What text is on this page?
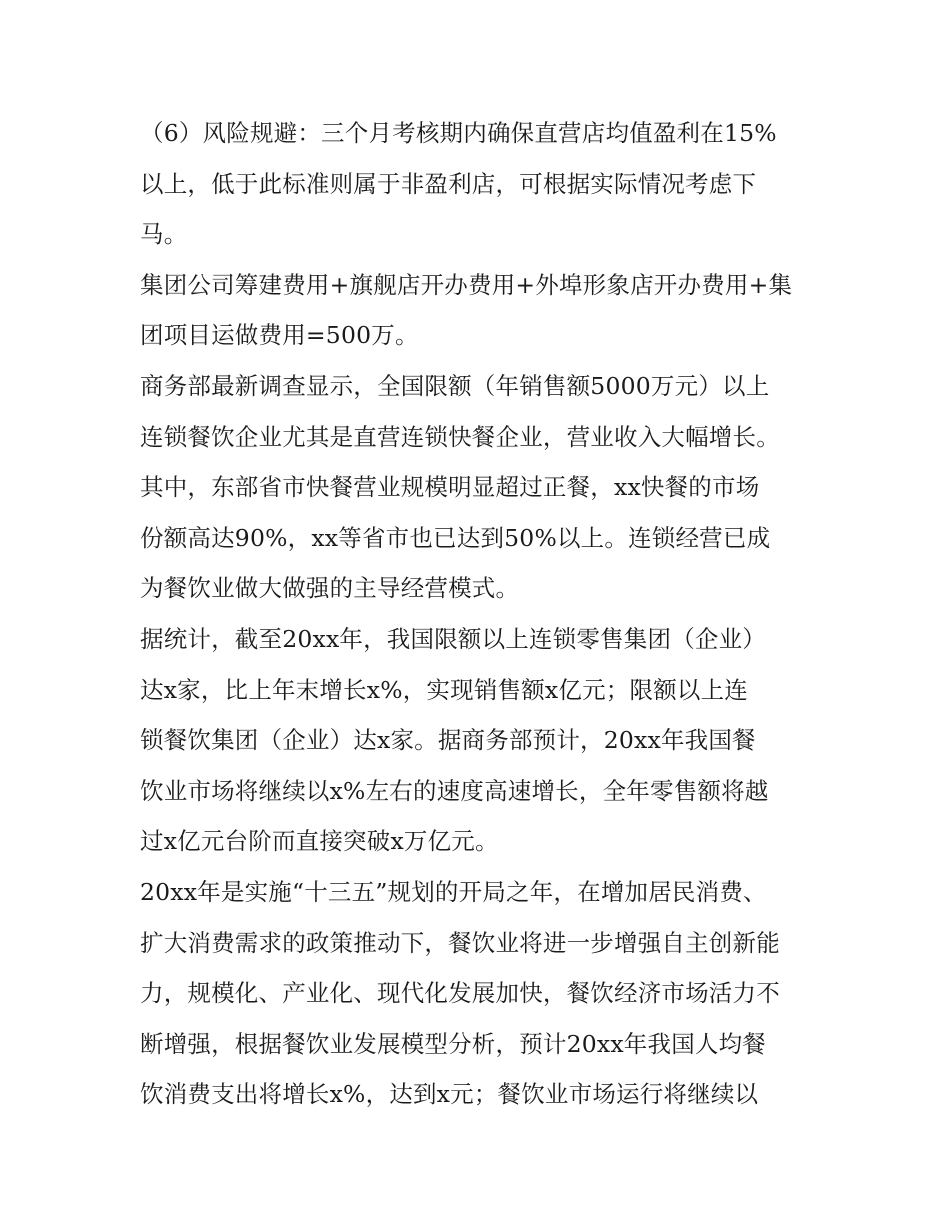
（6）风险规避：三个月考核期内确保直营店均值盈利在15%
以上，低于此标准则属于非盈利店，可根据实际情况考虑下
马。
集团公司筹建费用+旗舰店开办费用+外埠形象店开办费用+集
团项目运做费用=500万。
商务部最新调查显示，全国限额（年销售额5000万元）以上
连锁餐饮企业尤其是直营连锁快餐企业，营业收入大幅增长。
其中，东部省市快餐营业规模明显超过正餐，xx快餐的市场
份额高达90%，xx等省市也已达到50%以上。连锁经营已成
为餐饮业做大做强的主导经营模式。
据统计，截至20xx年，我国限额以上连锁零售集团（企业）
达x家，比上年末增长x%，实现销售额x亿元；限额以上连
锁餐饮集团（企业）达x家。据商务部预计，20xx年我国餐
饮业市场将继续以x%左右的速度高速增长，全年零售额将越
过x亿元台阶而直接突破x万亿元。
20xx年是实施“十三五”规划的开局之年，在增加居民消费、
扩大消费需求的政策推动下，餐饮业将进一步增强自主创新能
力，规模化、产业化、现代化发展加快，餐饮经济市场活力不
断增强，根据餐饮业发展模型分析，预计20xx年我国人均餐
饮消费支出将增长x%，达到x元；餐饮业市场运行将继续以
